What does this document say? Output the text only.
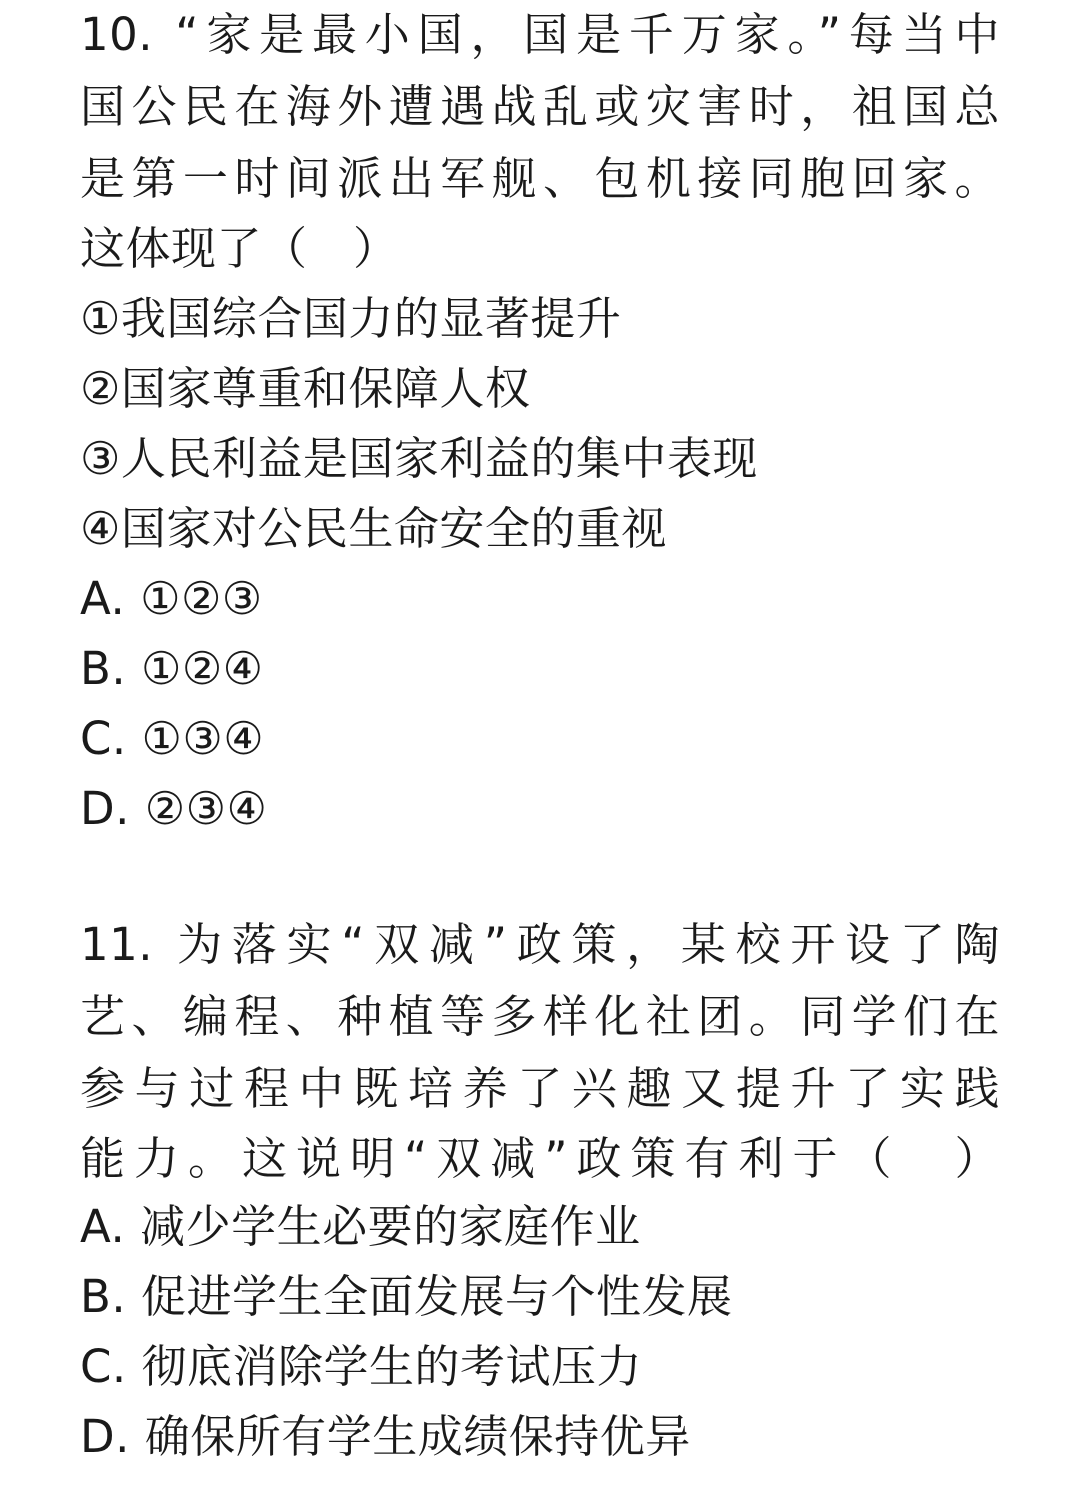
10. “家是最小国，国是千万家。”每当中
国公民在海外遭遇战乱或灾害时，祖国总
是第一时间派出军舰、包机接同胞回家。
这体现了（　）
①我国综合国力的显著提升
②国家尊重和保障人权
③人民利益是国家利益的集中表现
④国家对公民生命安全的重视
A. ①②③
B. ①②④
C. ①③④
D. ②③④
11. 为落实“双减”政策，某校开设了陶
艺、编程、种植等多样化社团。同学们在
参与过程中既培养了兴趣又提升了实践
能力。这说明“双减”政策有利于（　）
A. 减少学生必要的家庭作业
B. 促进学生全面发展与个性发展
C. 彻底消除学生的考试压力
D. 确保所有学生成绩保持优异
